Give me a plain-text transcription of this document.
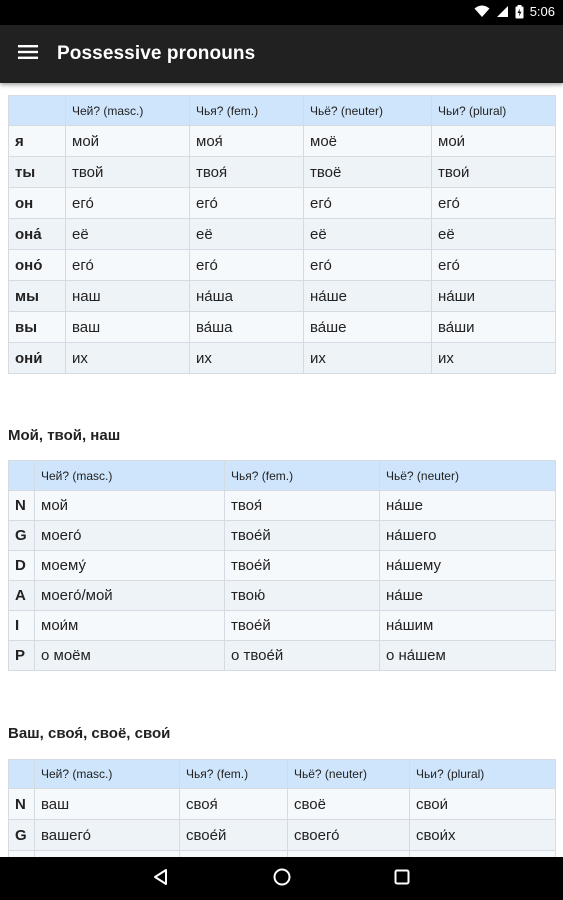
5:06
Possessive pronouns
	Чей? (masc.)	Чья? (fem.)	Чьё? (neuter)	Чьи? (plural)
я	мой	моя́	моё	мои́
ты	твой	твоя́	твоё	твои́
он	его́	его́	его́	его́
она́	её	её	её	её
оно́	его́	его́	его́	его́
мы	наш	на́ша	на́ше	на́ши
вы	ваш	ва́ша	ва́ше	ва́ши
они́	их	их	их	их
Мой, твой, наш
	Чей? (masc.)	Чья? (fem.)	Чьё? (neuter)
N	мой	твоя́	на́ше
G	моего́	твое́й	на́шего
D	моему́	твое́й	на́шему
A	моего́/мой	твою́	на́ше
I	мои́м	твое́й	на́шим
P	о моём	о твое́й	о на́шем
Ваш, своя́, своё, свои́
	Чей? (masc.)	Чья? (fem.)	Чьё? (neuter)	Чьи? (plural)
N	ваш	своя́	своё	свои́
G	вашего́	свое́й	своего́	свои́х
